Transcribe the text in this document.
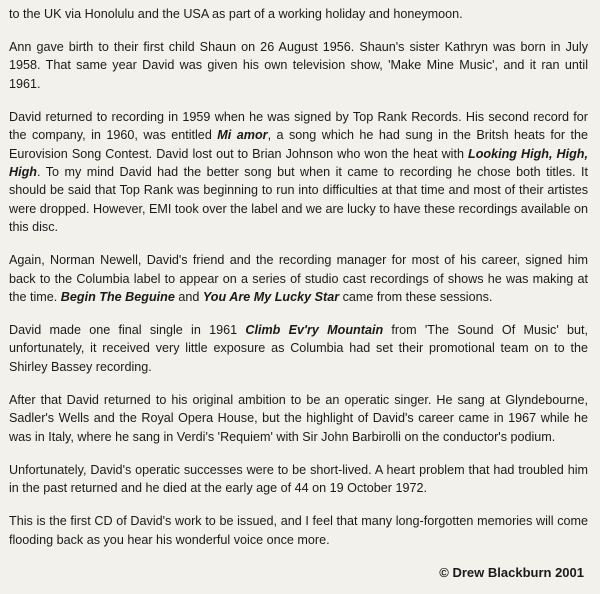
to the UK via Honolulu and the USA as part of a working holiday and honeymoon.

Ann gave birth to their first child Shaun on 26 August 1956. Shaun's sister Kathryn was born in July 1958. That same year David was given his own television show, 'Make Mine Music', and it ran until 1961.

David returned to recording in 1959 when he was signed by Top Rank Records. His second record for the company, in 1960, was entitled Mi amor, a song which he had sung in the Britsh heats for the Eurovision Song Contest. David lost out to Brian Johnson who won the heat with Looking High, High, High. To my mind David had the better song but when it came to recording he chose both titles. It should be said that Top Rank was beginning to run into difficulties at that time and most of their artistes were dropped. However, EMI took over the label and we are lucky to have these recordings available on this disc.

Again, Norman Newell, David's friend and the recording manager for most of his career, signed him back to the Columbia label to appear on a series of studio cast recordings of shows he was making at the time. Begin The Beguine and You Are My Lucky Star came from these sessions.

David made one final single in 1961 Climb Ev'ry Mountain from 'The Sound Of Music' but, unfortunately, it received very little exposure as Columbia had set their promotional team on to the Shirley Bassey recording.

After that David returned to his original ambition to be an operatic singer. He sang at Glyndebourne, Sadler's Wells and the Royal Opera House, but the highlight of David's career came in 1967 while he was in Italy, where he sang in Verdi's 'Requiem' with Sir John Barbirolli on the conductor's podium.

Unfortunately, David's operatic successes were to be short-lived. A heart problem that had troubled him in the past returned and he died at the early age of 44 on 19 October 1972.

This is the first CD of David's work to be issued, and I feel that many long-forgotten memories will come flooding back as you hear his wonderful voice once more.

© Drew Blackburn 2001
